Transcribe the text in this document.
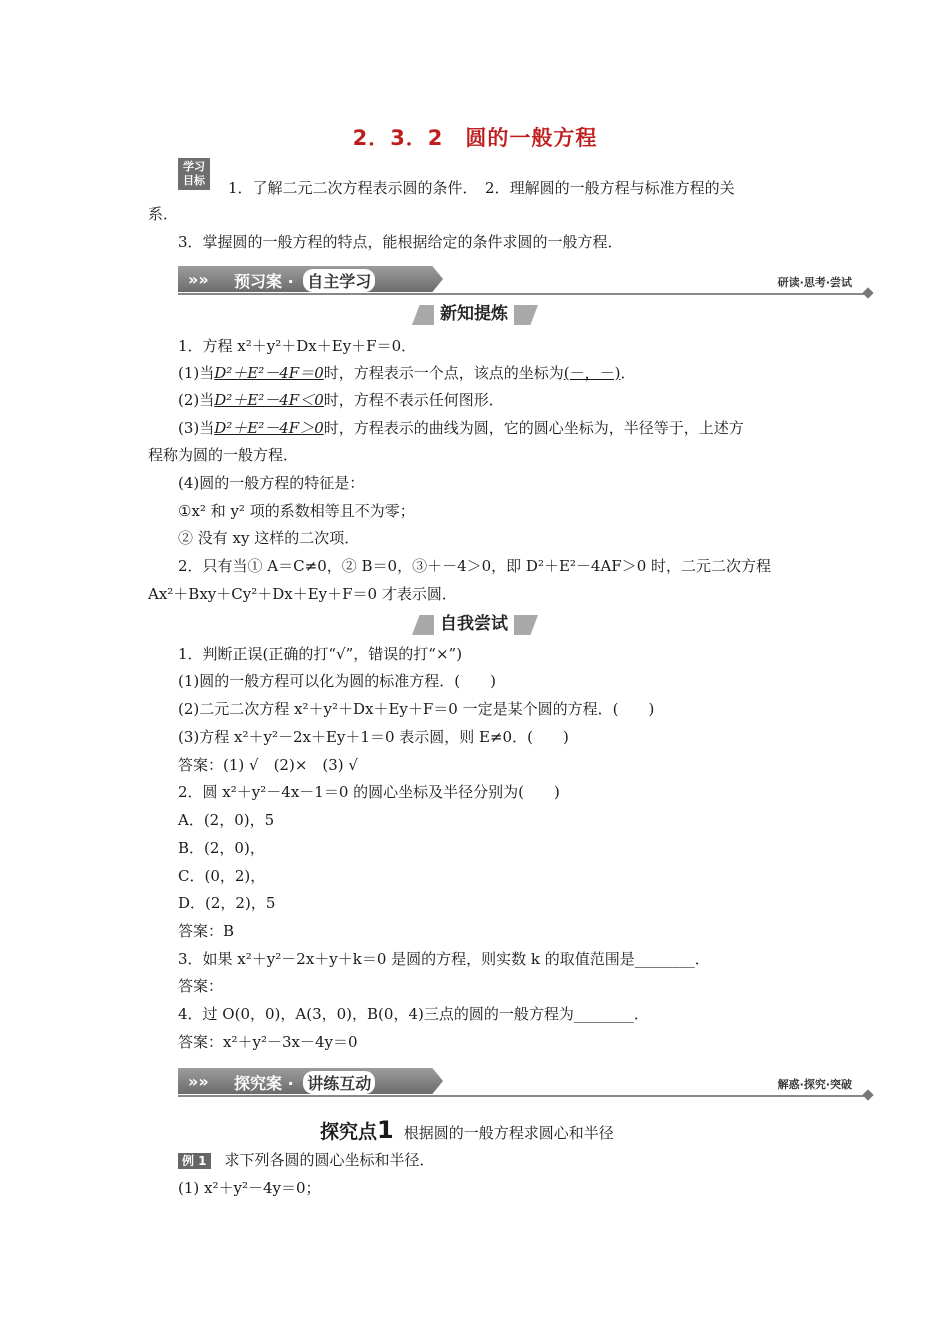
2．3．2　圆的一般方程
学习
目标	1．了解二元二次方程表示圆的条件．　2．理解圆的一般方程与标准方程的关
系．
3．掌握圆的一般方程的特点，能根据给定的条件求圆的一般方程．
»» 预习案 · 自主学习	研读·思考·尝试
新知提炼
1．方程 x²＋y²＋Dx＋Ey＋F＝0．
(1)当D²＋E²－4F＝0时，方程表示一个点，该点的坐标为(－，－)．
(2)当D²＋E²－4F＜0时，方程不表示任何图形．
(3)当D²＋E²－4F＞0时，方程表示的曲线为圆，它的圆心坐标为，半径等于，上述方
程称为圆的一般方程．
(4)圆的一般方程的特征是：
①x² 和 y² 项的系数相等且不为零；
② 没有 xy 这样的二次项．
2．只有当① A＝C≠0，② B＝0，③＋－4＞0，即 D²＋E²－4AF＞0 时，二元二次方程
Ax²＋Bxy＋Cy²＋Dx＋Ey＋F＝0 才表示圆．
自我尝试
1．判断正误(正确的打“√”，错误的打“×”)
(1)圆的一般方程可以化为圆的标准方程．(　　)
(2)二元二次方程 x²＋y²＋Dx＋Ey＋F＝0 一定是某个圆的方程．(　　)
(3)方程 x²＋y²－2x＋Ey＋1＝0 表示圆，则 E≠0．(　　)
答案：(1) √　(2)×　(3) √
2．圆 x²＋y²－4x－1＝0 的圆心坐标及半径分别为(　　)
A．(2，0)，5
B．(2，0)，
C．(0，2)，
D．(2，2)，5
答案：B
3．如果 x²＋y²－2x＋y＋k＝0 是圆的方程，则实数 k 的取值范围是________．
答案：
4．过 O(0，0)，A(3，0)，B(0，4)三点的圆的一般方程为________．
答案：x²＋y²－3x－4y＝0
»» 探究案 · 讲练互动	解惑·探究·突破
探究点1 根据圆的一般方程求圆心和半径
例 1 求下列各圆的圆心坐标和半径．
(1) x²＋y²－4y＝0；
